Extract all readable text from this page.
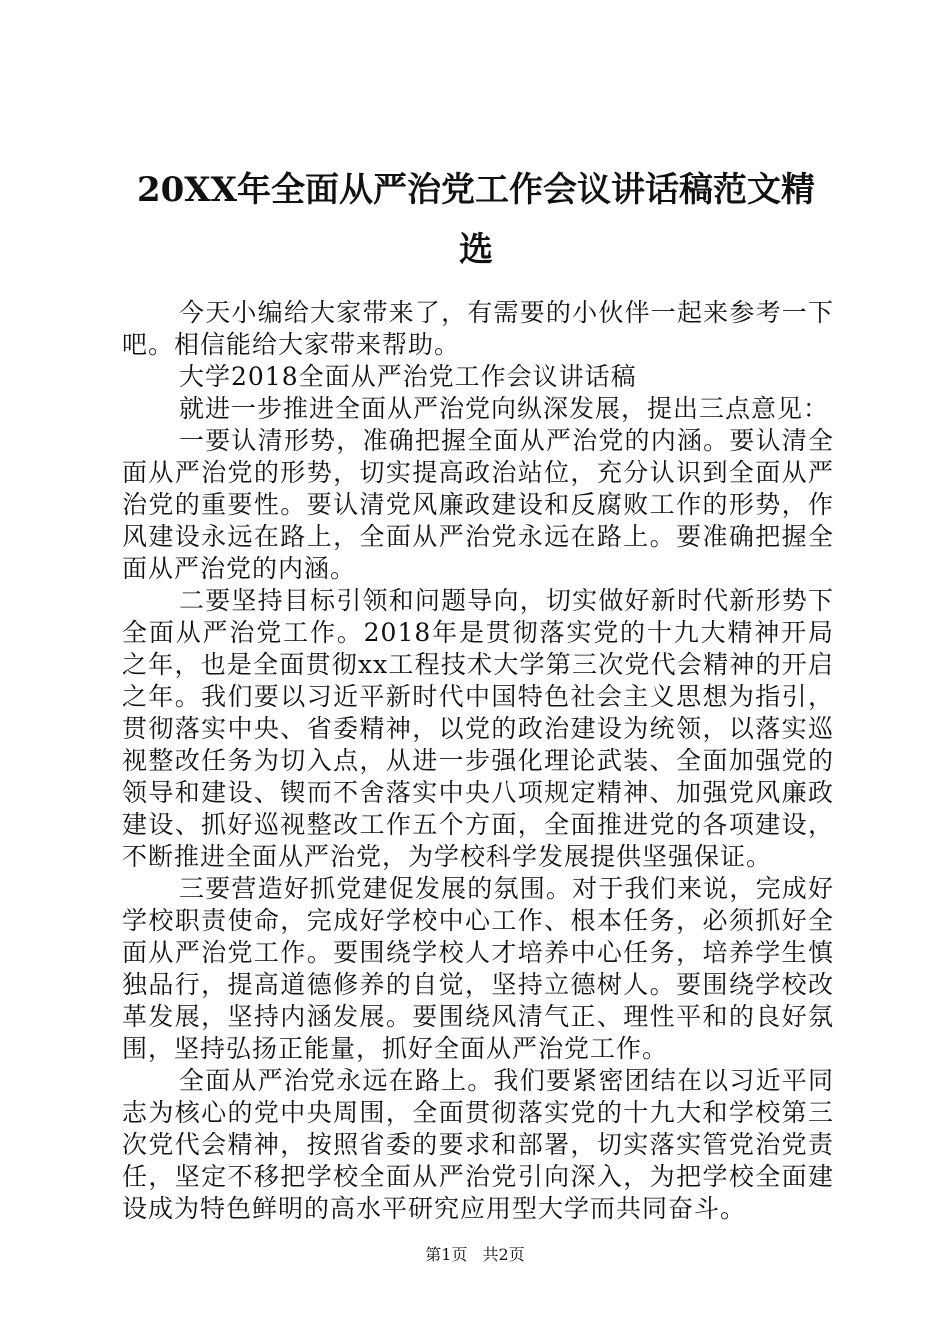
20XX年全面从严治党工作会议讲话稿范文精选

今天小编给大家带来了，有需要的小伙伴一起来参考一下吧。相信能给大家带来帮助。

大学2018全面从严治党工作会议讲话稿

就进一步推进全面从严治党向纵深发展，提出三点意见：

一要认清形势，准确把握全面从严治党的内涵。要认清全面从严治党的形势，切实提高政治站位，充分认识到全面从严治党的重要性。要认清党风廉政建设和反腐败工作的形势，作风建设永远在路上，全面从严治党永远在路上。要准确把握全面从严治党的内涵。

二要坚持目标引领和问题导向，切实做好新时代新形势下全面从严治党工作。2018年是贯彻落实党的十九大精神开局之年，也是全面贯彻xx工程技术大学第三次党代会精神的开启之年。我们要以习近平新时代中国特色社会主义思想为指引，贯彻落实中央、省委精神，以党的政治建设为统领，以落实巡视整改任务为切入点，从进一步强化理论武装、全面加强党的领导和建设、锲而不舍落实中央八项规定精神、加强党风廉政建设、抓好巡视整改工作五个方面，全面推进党的各项建设，不断推进全面从严治党，为学校科学发展提供坚强保证。

三要营造好抓党建促发展的氛围。对于我们来说，完成好学校职责使命，完成好学校中心工作、根本任务，必须抓好全面从严治党工作。要围绕学校人才培养中心任务，培养学生慎独品行，提高道德修养的自觉，坚持立德树人。要围绕学校改革发展，坚持内涵发展。要围绕风清气正、理性平和的良好氛围，坚持弘扬正能量，抓好全面从严治党工作。

全面从严治党永远在路上。我们要紧密团结在以习近平同志为核心的党中央周围，全面贯彻落实党的十九大和学校第三次党代会精神，按照省委的要求和部署，切实落实管党治党责任，坚定不移把学校全面从严治党引向深入，为把学校全面建设成为特色鲜明的高水平研究应用型大学而共同奋斗。

第1页 共2页
